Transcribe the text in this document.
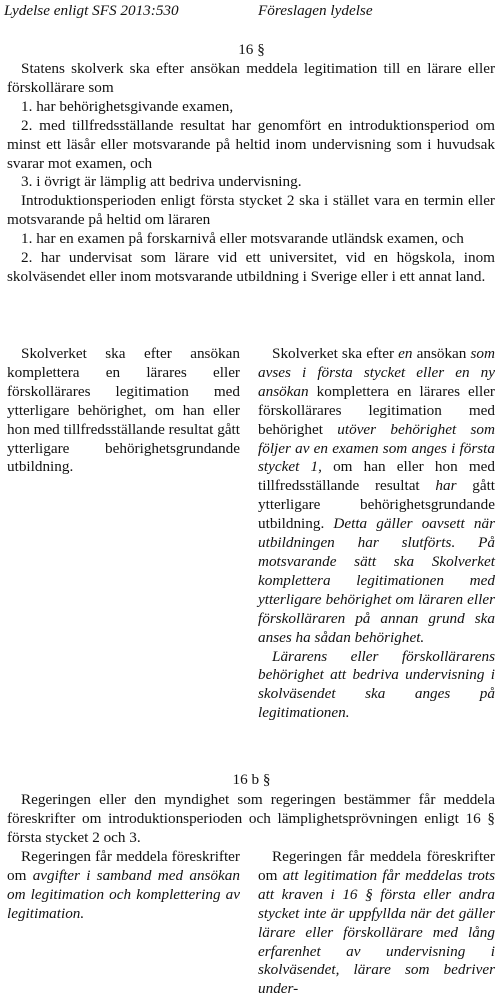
Lydelse enligt SFS 2013:530	Föreslagen lydelse
16 §

Statens skolverk ska efter ansökan meddela legitimation till en lärare eller förskollärare som

1. har behörighetsgivande examen,

2. med tillfredsställande resultat har genomfört en introduktionsperiod om minst ett läsår eller motsvarande på heltid inom undervisning som i huvudsak svarar mot examen, och

3. i övrigt är lämplig att bedriva undervisning.

Introduktionsperioden enligt första stycket 2 ska i stället vara en termin eller motsvarande på heltid om läraren

1. har en examen på forskarnivå eller motsvarande utländsk examen, och

2. har undervisat som lärare vid ett universitet, vid en högskola, inom skolväsendet eller inom motsvarande utbildning i Sverige eller i ett annat land.

Skolverket ska efter ansökan komplettera en lärares eller förskollärares legitimation med ytterligare behörighet, om han eller hon med tillfredsställande resultat gått ytterligare behörighetsgrundande utbildning.

Skolverket ska efter en ansökan som avses i första stycket eller en ny ansökan komplettera en lärares eller förskollärares legitimation med behörighet utöver behörighet som följer av en examen som anges i första stycket 1, om han eller hon med tillfredsställande resultat har gått ytterligare behörighetsgrundande utbildning. Detta gäller oavsett när utbildningen har slutförts. På motsvarande sätt ska Skolverket komplettera legitimationen med ytterligare behörighet om läraren eller förskolläraren på annan grund ska anses ha sådan behörighet.

Lärarens eller förskollärarens behörighet att bedriva undervisning i skolväsendet ska anges på legitimationen.

16 b §

Regeringen eller den myndighet som regeringen bestämmer får meddela föreskrifter om introduktionsperioden och lämplighetsprövningen enligt 16 § första stycket 2 och 3.

Regeringen får meddela föreskrifter om avgifter i samband med ansökan om legitimation och komplettering av legitimation.

Regeringen får meddela föreskrifter om att legitimation får meddelas trots att kraven i 16 § första eller andra stycket inte är uppfyllda när det gäller lärare eller förskollärare med lång erfarenhet av undervisning i skolväsendet, lärare som bedriver under-
